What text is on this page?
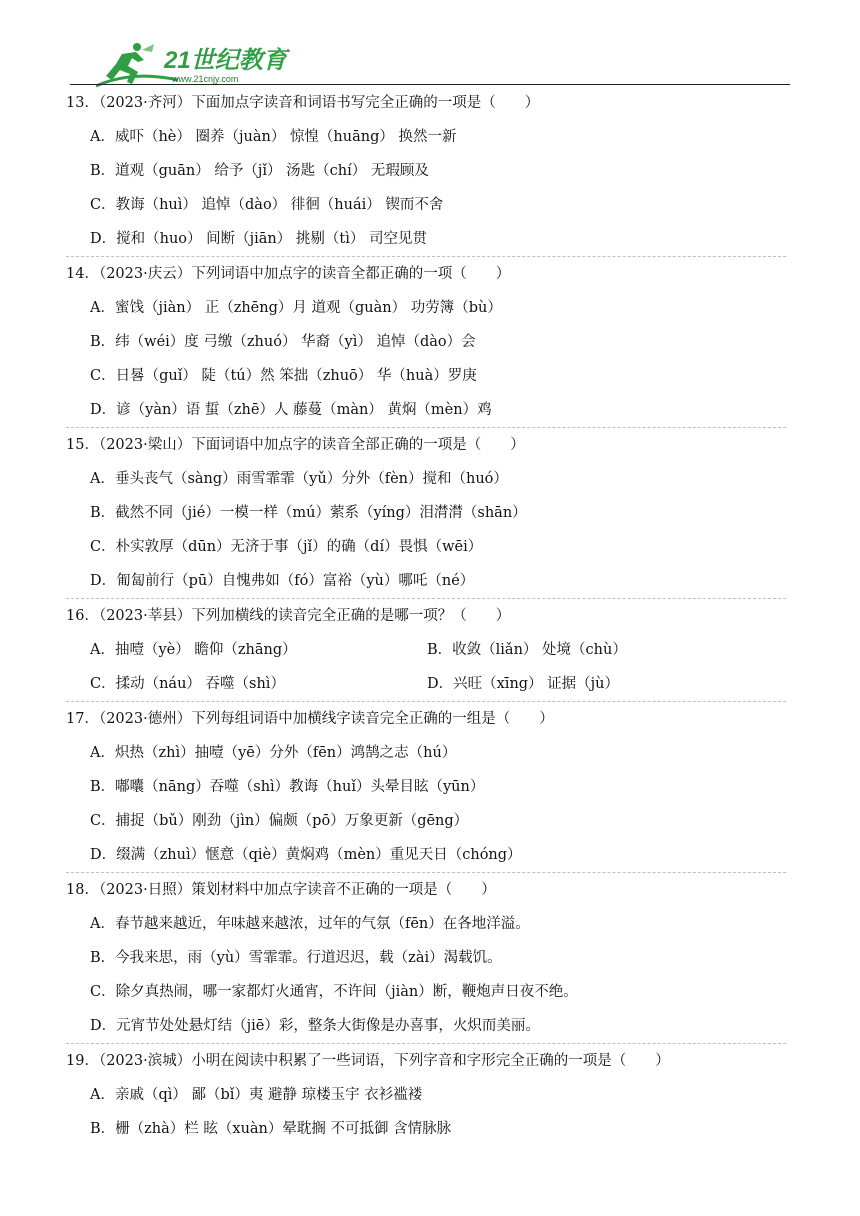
21世纪教育
www.21cnjy.com
13．（2023·齐河）下面加点字读音和词语书写完全正确的一项是（　　）
A．威吓（hè） 圈养（juàn） 惊惶（huāng） 换然一新
B．道观（guān） 给予（jǐ） 汤匙（chí） 无瑕顾及
C．教诲（huì） 追悼（dào） 徘徊（huái） 锲而不舍
D．搅和（huo） 间断（jiān） 挑剔（tì） 司空见贯
14．（2023·庆云）下列词语中加点字的读音全都正确的一项（　　）
A．蜜饯（jiàn） 正（zhēng）月 道观（guàn） 功劳簿（bù）
B．纬（wéi）度 弓缴（zhuó） 华裔（yì） 追悼（dào）会
C．日晷（guǐ） 陡（tú）然 笨拙（zhuō） 华（huà）罗庚
D．谚（yàn）语 蜇（zhē）人 藤蔓（màn） 黄焖（mèn）鸡
15．（2023·梁山）下面词语中加点字的读音全部正确的一项是（　　）
A．垂头丧气（sàng）雨雪霏霏（yǔ）分外（fèn）搅和（huó）
B．截然不同（jié）一模一样（mú）萦系（yíng）泪潸潸（shān）
C．朴实敦厚（dūn）无济于事（jǐ）的确（dí）畏惧（wēi）
D．匍匐前行（pū）自愧弗如（fó）富裕（yù）哪吒（né）
16．（2023·莘县）下列加横线的读音完全正确的是哪一项？（　　）
A．抽噎（yè） 瞻仰（zhāng）	B．收敛（liǎn） 处境（chù）
C．揉动（náu） 吞噬（shì）	D．兴旺（xīng） 证据（jù）
17．（2023·德州）下列每组词语中加横线字读音完全正确的一组是（　　）
A．炽热（zhì）抽噎（yē）分外（fēn）鸿鹄之志（hú）
B．嘟囔（nāng）吞噬（shì）教诲（huǐ）头晕目眩（yūn）
C．捕捉（bǔ）刚劲（jìn）偏颇（pō）万象更新（gēng）
D．缀满（zhuì）惬意（qiè）黄焖鸡（mèn）重见天日（chóng）
18．（2023·日照）策划材料中加点字读音不正确的一项是（　　）
A．春节越来越近，年味越来越浓，过年的气氛（fēn）在各地洋溢。
B．今我来思，雨（yù）雪霏霏。行道迟迟，载（zài）渴载饥。
C．除夕真热闹，哪一家都灯火通宵，不许间（jiàn）断，鞭炮声日夜不绝。
D．元宵节处处悬灯结（jiē）彩，整条大街像是办喜事，火炽而美丽。
19．（2023·滨城）小明在阅读中积累了一些词语，下列字音和字形完全正确的一项是（　　）
A．亲戚（qì） 鄙（bǐ）夷 避静 琼楼玉宇 衣衫褴褛
B．栅（zhà）栏 眩（xuàn）晕耽搁 不可抵御 含情脉脉
